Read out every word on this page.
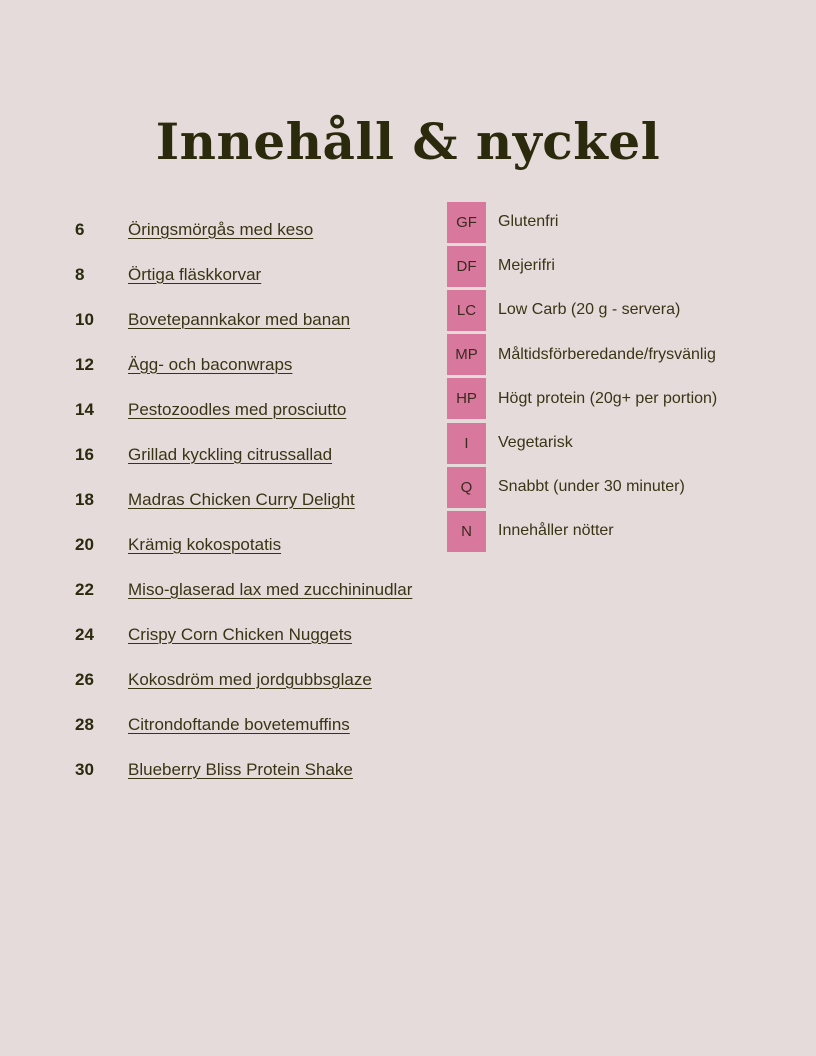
Innehåll & nyckel
6	Öringsmörgås med keso
8	Örtiga fläskkorvar
10	Bovetepannkakor med banan
12	Ägg- och baconwraps
14	Pestozoodles med prosciutto
16	Grillad kyckling citrussallad
18	Madras Chicken Curry Delight
20	Krämig kokospotatis
22	Miso-glaserad lax med zucchininudlar
24	Crispy Corn Chicken Nuggets
26	Kokosdröm med jordgubbsglaze
28	Citrondoftande bovetemuffins
30	Blueberry Bliss Protein Shake
GF	Glutenfri
DF	Mejerifri
LC	Low Carb (20 g - servera)
MP	Måltidsförberedande/frysvänlig
HP	Högt protein (20g+ per portion)
I	Vegetarisk
Q	Snabbt (under 30 minuter)
N	Innehåller nötter
